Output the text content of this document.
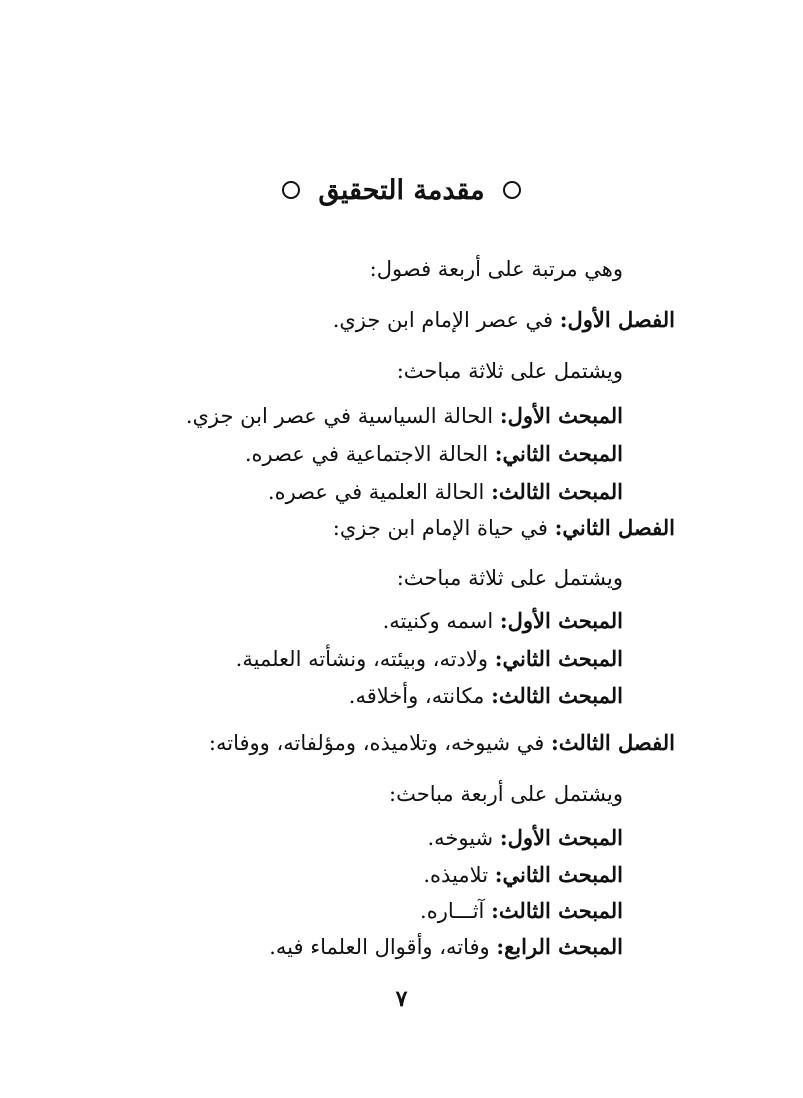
مقدمة التحقيق
وهي مرتبة على أربعة فصول:
الفصل الأول: في عصر الإمام ابن جزي.
ويشتمل على ثلاثة مباحث:
المبحث الأول: الحالة السياسية في عصر ابن جزي.
المبحث الثاني: الحالة الاجتماعية في عصره.
المبحث الثالث: الحالة العلمية في عصره.
الفصل الثاني: في حياة الإمام ابن جزي:
ويشتمل على ثلاثة مباحث:
المبحث الأول: اسمه وكنيته.
المبحث الثاني: ولادته، وبيئته، ونشأته العلمية.
المبحث الثالث: مكانته، وأخلاقه.
الفصل الثالث: في شيوخه، وتلاميذه، ومؤلفاته، ووفاته:
ويشتمل على أربعة مباحث:
المبحث الأول: شيوخه.
المبحث الثاني: تلاميذه.
المبحث الثالث: آثـــاره.
المبحث الرابع: وفاته، وأقوال العلماء فيه.
٧
